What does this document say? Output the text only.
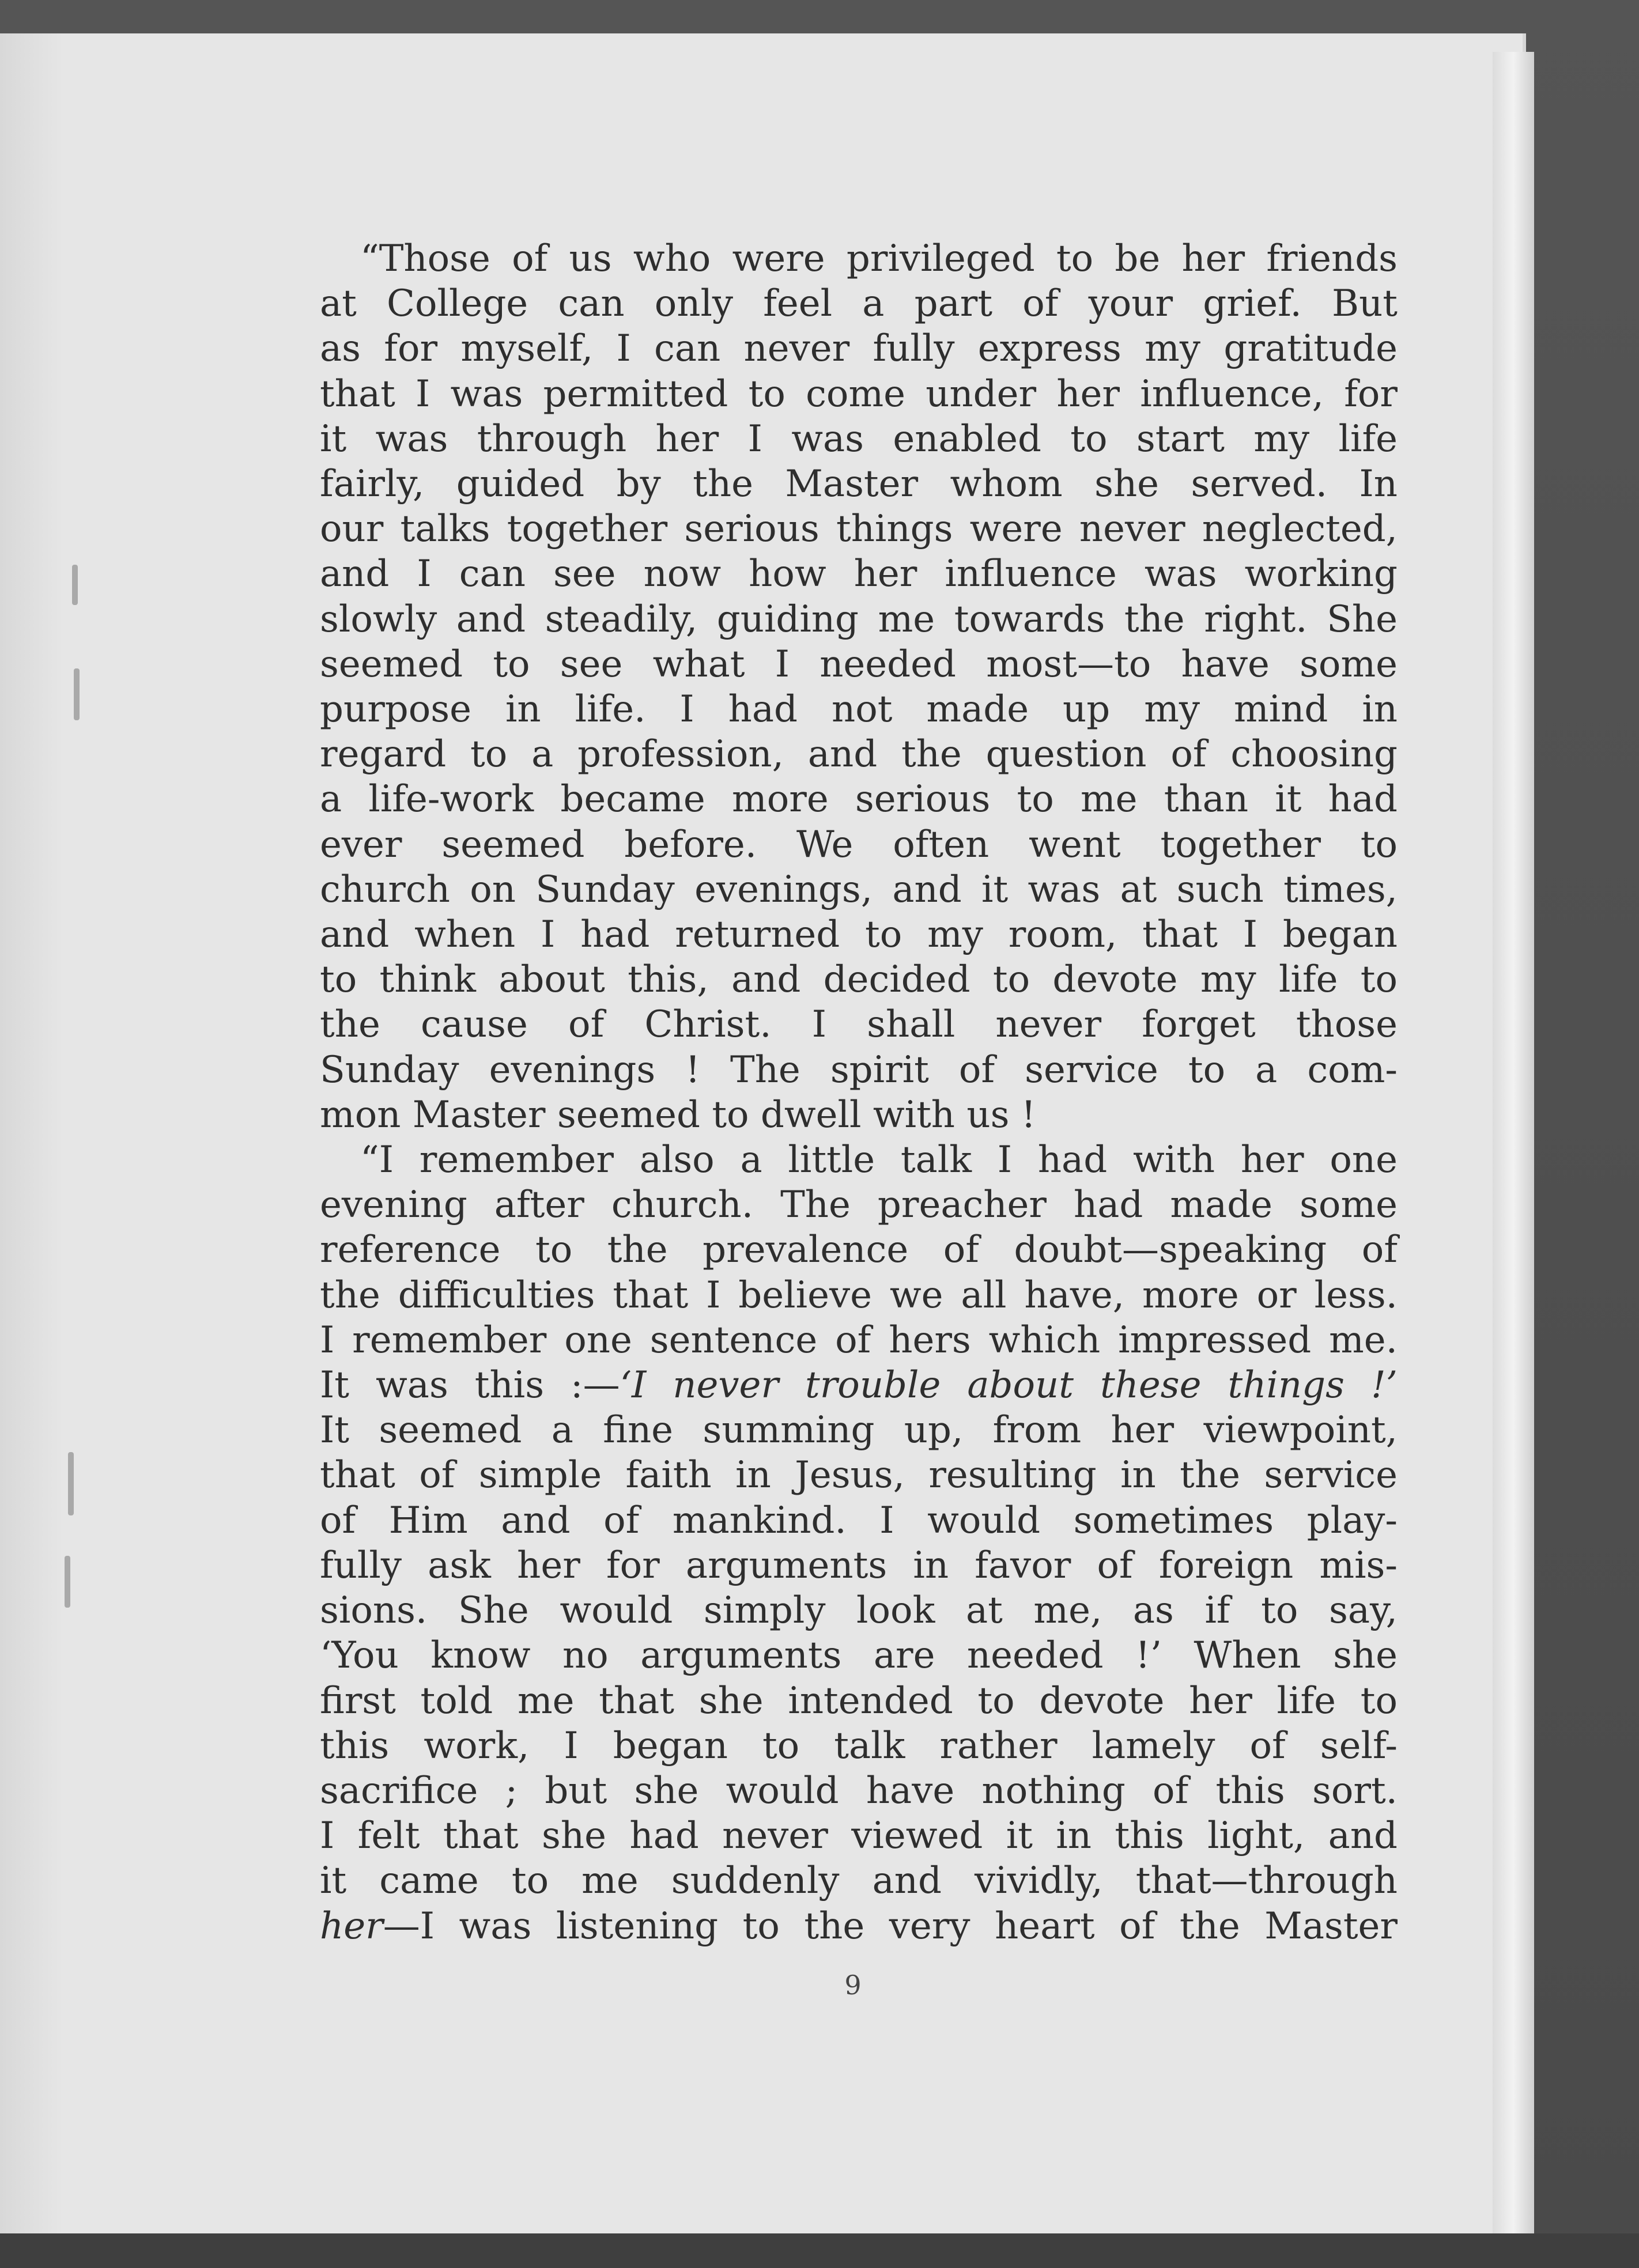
“Those of us who were privileged to be her friends
at College can only feel a part of your grief. But
as for myself, I can never fully express my gratitude
that I was permitted to come under her influence, for
it was through her I was enabled to start my life
fairly, guided by the Master whom she served. In
our talks together serious things were never neglected,
and I can see now how her influence was working
slowly and steadily, guiding me towards the right. She
seemed to see what I needed most—to have some
purpose in life. I had not made up my mind in
regard to a profession, and the question of choosing
a life-work became more serious to me than it had
ever seemed before. We often went together to
church on Sunday evenings, and it was at such times,
and when I had returned to my room, that I began
to think about this, and decided to devote my life to
the cause of Christ. I shall never forget those
Sunday evenings ! The spirit of service to a com-
mon Master seemed to dwell with us !
“I remember also a little talk I had with her one
evening after church. The preacher had made some
reference to the prevalence of doubt—speaking of
the difficulties that I believe we all have, more or less.
I remember one sentence of hers which impressed me.
It was this :—‘I never trouble about these things !’
It seemed a fine summing up, from her viewpoint,
that of simple faith in Jesus, resulting in the service
of Him and of mankind. I would sometimes play-
fully ask her for arguments in favor of foreign mis-
sions. She would simply look at me, as if to say,
‘You know no arguments are needed !’ When she
first told me that she intended to devote her life to
this work, I began to talk rather lamely of self-
sacrifice ; but she would have nothing of this sort.
I felt that she had never viewed it in this light, and
it came to me suddenly and vividly, that—through
her—I was listening to the very heart of the Master
9
